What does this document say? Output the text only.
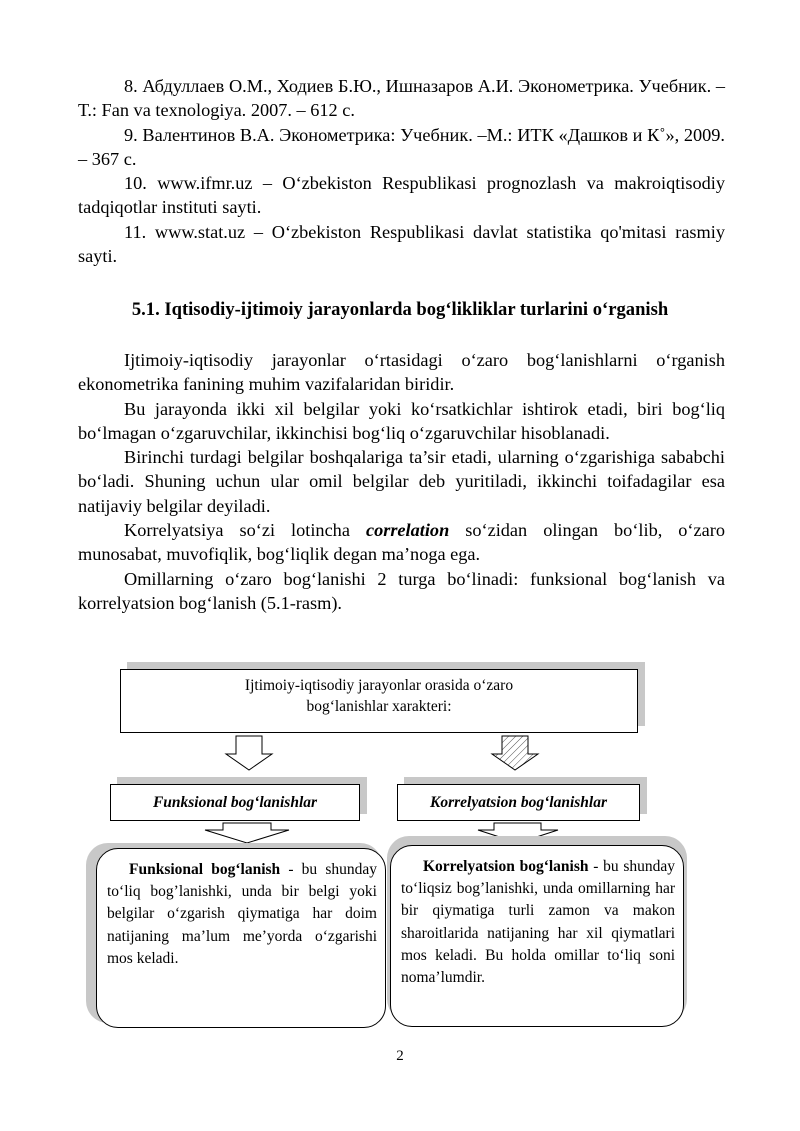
8. Абдуллаев О.М., Ходиев Б.Ю., Ишназаров А.И. Эконометрика. Учебник. –Т.: Fan va texnologiya. 2007. – 612 с.

9. Валентинов В.А. Эконометрика: Учебник. –М.: ИТК «Дашков и К˚», 2009. – 367 с.

10. www.ifmr.uz – O‘zbekiston Respublikasi prognozlash va makroiqtisodiy tadqiqotlar instituti sayti.

11. www.stat.uz – O‘zbekiston Respublikasi davlat statistika qo'mitasi rasmiy sayti.

5.1. Iqtisodiy-ijtimoiy jarayonlarda bog‘likliklar turlarini o‘rganish

Ijtimoiy-iqtisodiy jarayonlar o‘rtasidagi o‘zaro bog‘lanishlarni o‘rganish ekonometrika fanining muhim vazifalaridan biridir.

Bu jarayonda ikki xil belgilar yoki ko‘rsatkichlar ishtirok etadi, biri bog‘liq bo‘lmagan o‘zgaruvchilar, ikkinchisi bog‘liq o‘zgaruvchilar hisoblanadi.

Birinchi turdagi belgilar boshqalariga ta’sir etadi, ularning o‘zgarishiga sababchi bo‘ladi. Shuning uchun ular omil belgilar deb yuritiladi, ikkinchi toifadagilar esa natijaviy belgilar deyiladi.

Korrelyatsiya so‘zi lotincha correlation so‘zidan olingan bo‘lib, o‘zaro munosabat, muvofiqlik, bog‘liqlik degan ma’noga ega.

Omillarning o‘zaro bog‘lanishi 2 turga bo‘linadi: funksional bog‘lanish va korrelyatsion bog‘lanish (5.1-rasm).

Ijtimoiy-iqtisodiy jarayonlar orasida o‘zaro
bog‘lanishlar xarakteri:
Funksional bog‘lanishlar	Korrelyatsion bog‘lanishlar

Funksional bog‘lanish - bu shunday to‘liq bog’lanishki, unda bir belgi yoki belgilar o‘zgarish qiymatiga har doim natijaning ma’lum me’yorda o‘zgarishi mos keladi.

Korrelyatsion bog‘lanish - bu shunday to‘liqsiz bog’lanishki, unda omillarning har bir qiymatiga turli zamon va makon sharoitlarida natijaning har xil qiymatlari mos keladi. Bu holda omillar to‘liq soni noma’lumdir.

2
